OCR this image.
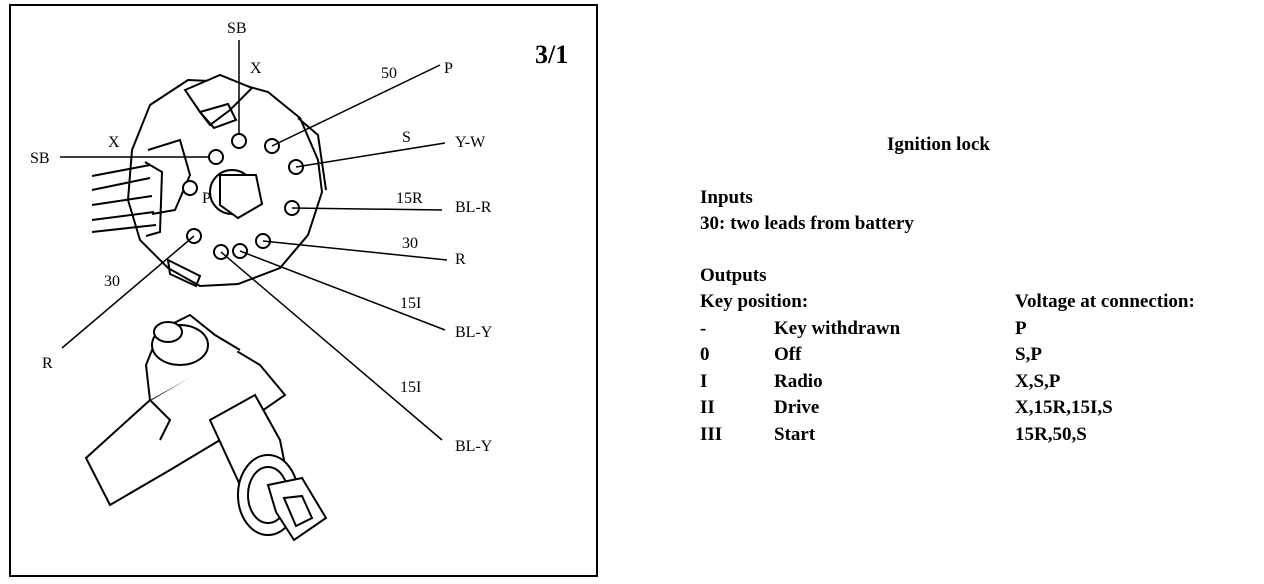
3/1
SB
X	50	P
X
SB
S	Y-W
P	15R
BL-R
30
R
30
15I
BL-Y
R
15I
BL-Y
Ignition lock
Inputs
30: two leads from battery
Outputs
Key position:	Voltage at connection:
-	Key withdrawn	P
0	Off	S,P
I	Radio	X,S,P
II	Drive	X,15R,15I,S
III	Start	15R,50,S
